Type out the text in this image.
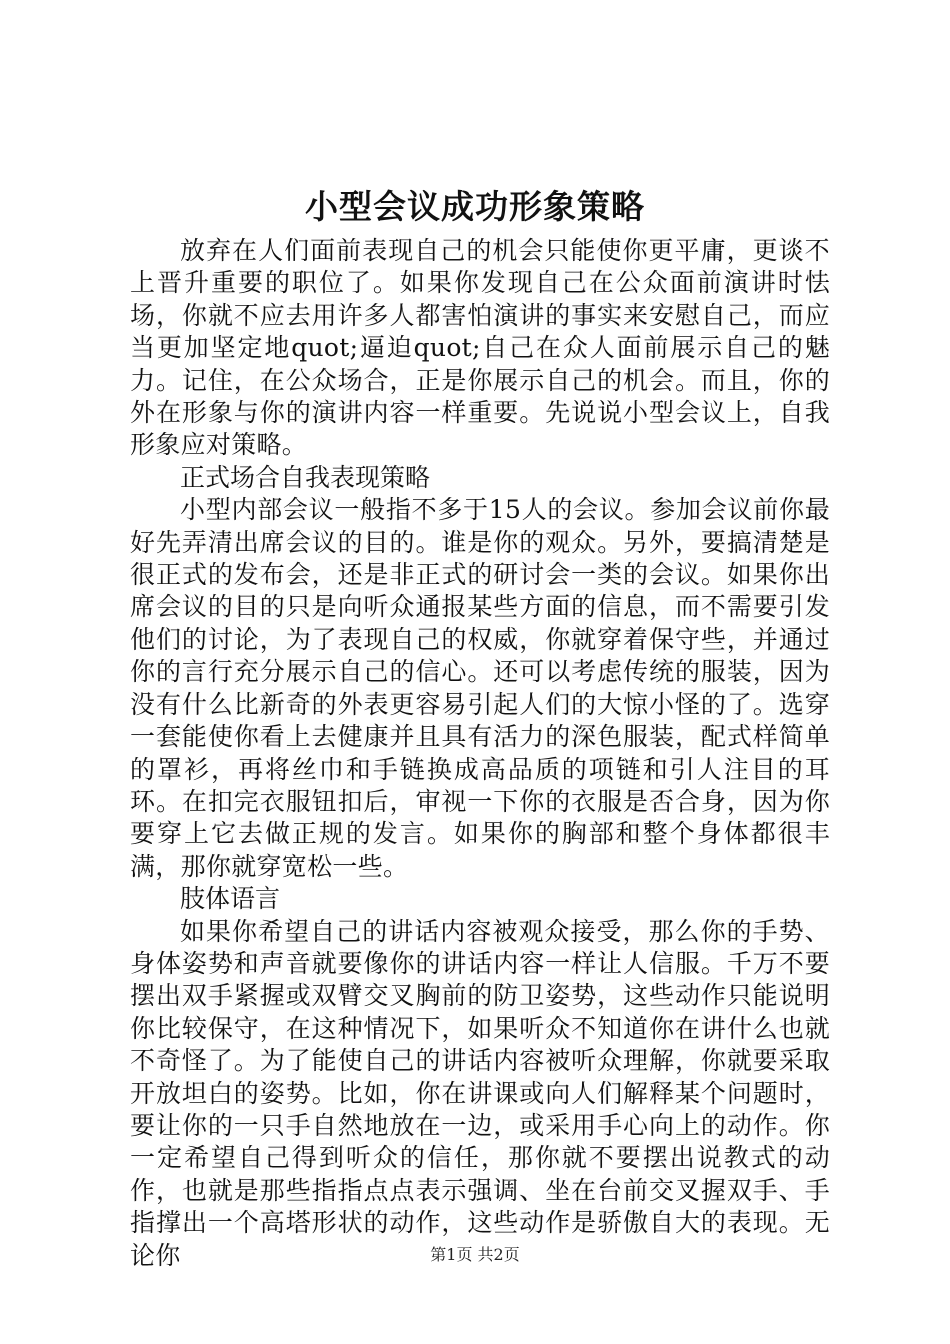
小型会议成功形象策略

放弃在人们面前表现自己的机会只能使你更平庸，更谈不上晋升重要的职位了。如果你发现自己在公众面前演讲时怯场，你就不应去用许多人都害怕演讲的事实来安慰自己，而应当更加坚定地quot;逼迫quot;自己在众人面前展示自己的魅力。记住，在公众场合，正是你展示自己的机会。而且，你的外在形象与你的演讲内容一样重要。先说说小型会议上，自我形象应对策略。

正式场合自我表现策略

小型内部会议一般指不多于15人的会议。参加会议前你最好先弄清出席会议的目的。谁是你的观众。另外，要搞清楚是很正式的发布会，还是非正式的研讨会一类的会议。如果你出席会议的目的只是向听众通报某些方面的信息，而不需要引发他们的讨论，为了表现自己的权威，你就穿着保守些，并通过你的言行充分展示自己的信心。还可以考虑传统的服装，因为没有什么比新奇的外表更容易引起人们的大惊小怪的了。选穿一套能使你看上去健康并且具有活力的深色服装，配式样简单的罩衫，再将丝巾和手链换成高品质的项链和引人注目的耳环。在扣完衣服钮扣后，审视一下你的衣服是否合身，因为你要穿上它去做正规的发言。如果你的胸部和整个身体都很丰满，那你就穿宽松一些。

肢体语言

如果你希望自己的讲话内容被观众接受，那么你的手势、身体姿势和声音就要像你的讲话内容一样让人信服。千万不要摆出双手紧握或双臂交叉胸前的防卫姿势，这些动作只能说明你比较保守，在这种情况下，如果听众不知道你在讲什么也就不奇怪了。为了能使自己的讲话内容被听众理解，你就要采取开放坦白的姿势。比如，你在讲课或向人们解释某个问题时，要让你的一只手自然地放在一边，或采用手心向上的动作。你一定希望自己得到听众的信任，那你就不要摆出说教式的动作，也就是那些指指点点表示强调、坐在台前交叉握双手、手指撑出一个高塔形状的动作，这些动作是骄傲自大的表现。无论你	第1页 共2页
